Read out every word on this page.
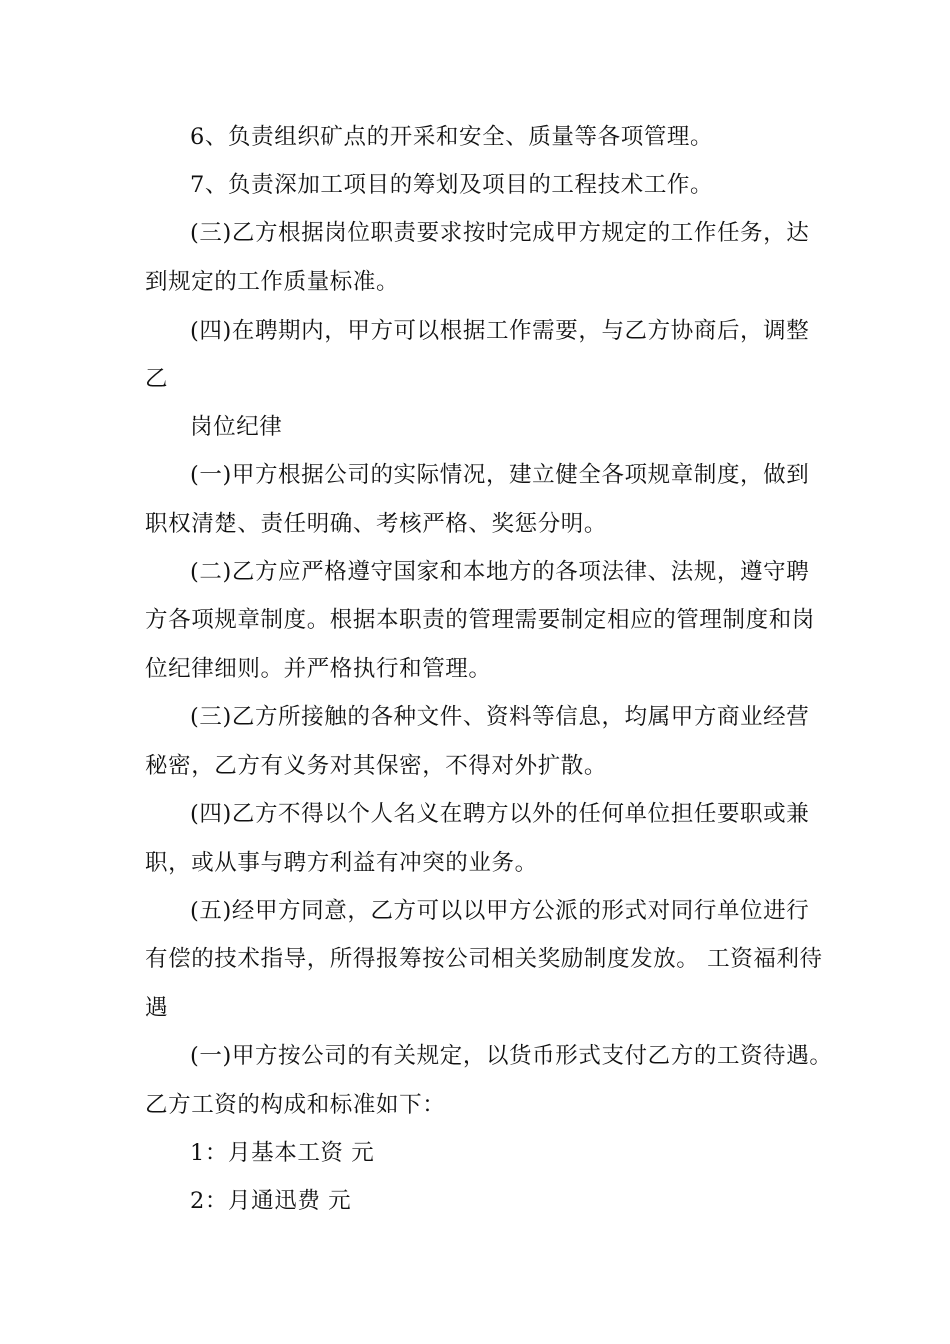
6、负责组织矿点的开采和安全、质量等各项管理。
7、负责深加工项目的筹划及项目的工程技术工作。
(三)乙方根据岗位职责要求按时完成甲方规定的工作任务，达
到规定的工作质量标准。
(四)在聘期内，甲方可以根据工作需要，与乙方协商后，调整
乙
岗位纪律
(一)甲方根据公司的实际情况，建立健全各项规章制度，做到
职权清楚、责任明确、考核严格、奖惩分明。
(二)乙方应严格遵守国家和本地方的各项法律、法规，遵守聘
方各项规章制度。根据本职责的管理需要制定相应的管理制度和岗
位纪律细则。并严格执行和管理。
(三)乙方所接触的各种文件、资料等信息，均属甲方商业经营
秘密，乙方有义务对其保密，不得对外扩散。
(四)乙方不得以个人名义在聘方以外的任何单位担任要职或兼
职，或从事与聘方利益有冲突的业务。
(五)经甲方同意，乙方可以以甲方公派的形式对同行单位进行
有偿的技术指导，所得报筹按公司相关奖励制度发放。 工资福利待
遇
(一)甲方按公司的有关规定，以货币形式支付乙方的工资待遇。
乙方工资的构成和标准如下：
1：月基本工资 元
2：月通迅费 元
